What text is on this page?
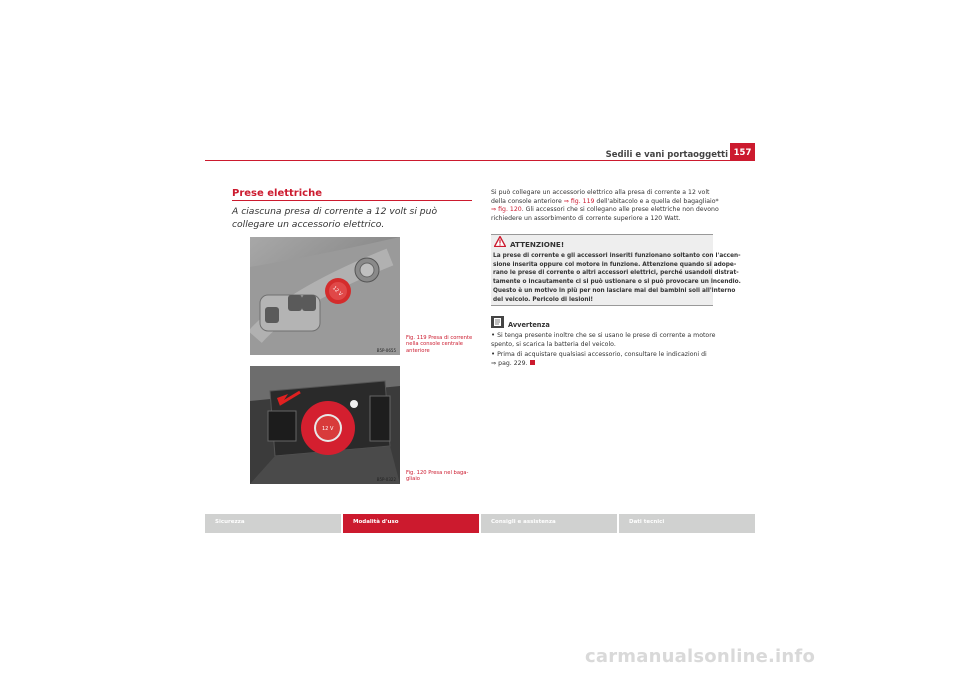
Sedili e vani portaoggetti 157
Prese elettriche
A ciascuna presa di corrente a 12 volt si può collegare un accessorio elettrico.
12 V
B5P-0655
Fig. 119 Presa di corrente nella console centrale anteriore
12 V
B5P-0322
Fig. 120 Presa nel baga-gliaio
Si può collegare un accessorio elettrico alla presa di corrente a 12 volt della console anteriore ⇒ fig. 119 dell'abitacolo e a quella del bagagliaio*
⇒ fig. 120. Gli accessori che si collegano alle prese elettriche non devono richiedere un assorbimento di corrente superiore a 120 Watt.
ATTENZIONE!
La prese di corrente e gli accessori inseriti funzionano soltanto con l'accen-
sione inserita oppure col motore in funzione. Attenzione quando si adope-
rano le prese di corrente o altri accessori elettrici, perché usandoli distrat-
tamente o incautamente ci si può ustionare o si può provocare un incendio.
Questo è un motivo in più per non lasciare mai dei bambini soli all'interno
del veicolo. Pericolo di lesioni!
Avvertenza
• Si tenga presente inoltre che se si usano le prese di corrente a motore spento, si scarica la batteria del veicolo.
• Prima di acquistare qualsiasi accessorio, consultare le indicazioni di
⇒ pag. 229.
Sicurezza	Modalità d'uso	Consigli e assistenza	Dati tecnici
carmanualsonline.info
